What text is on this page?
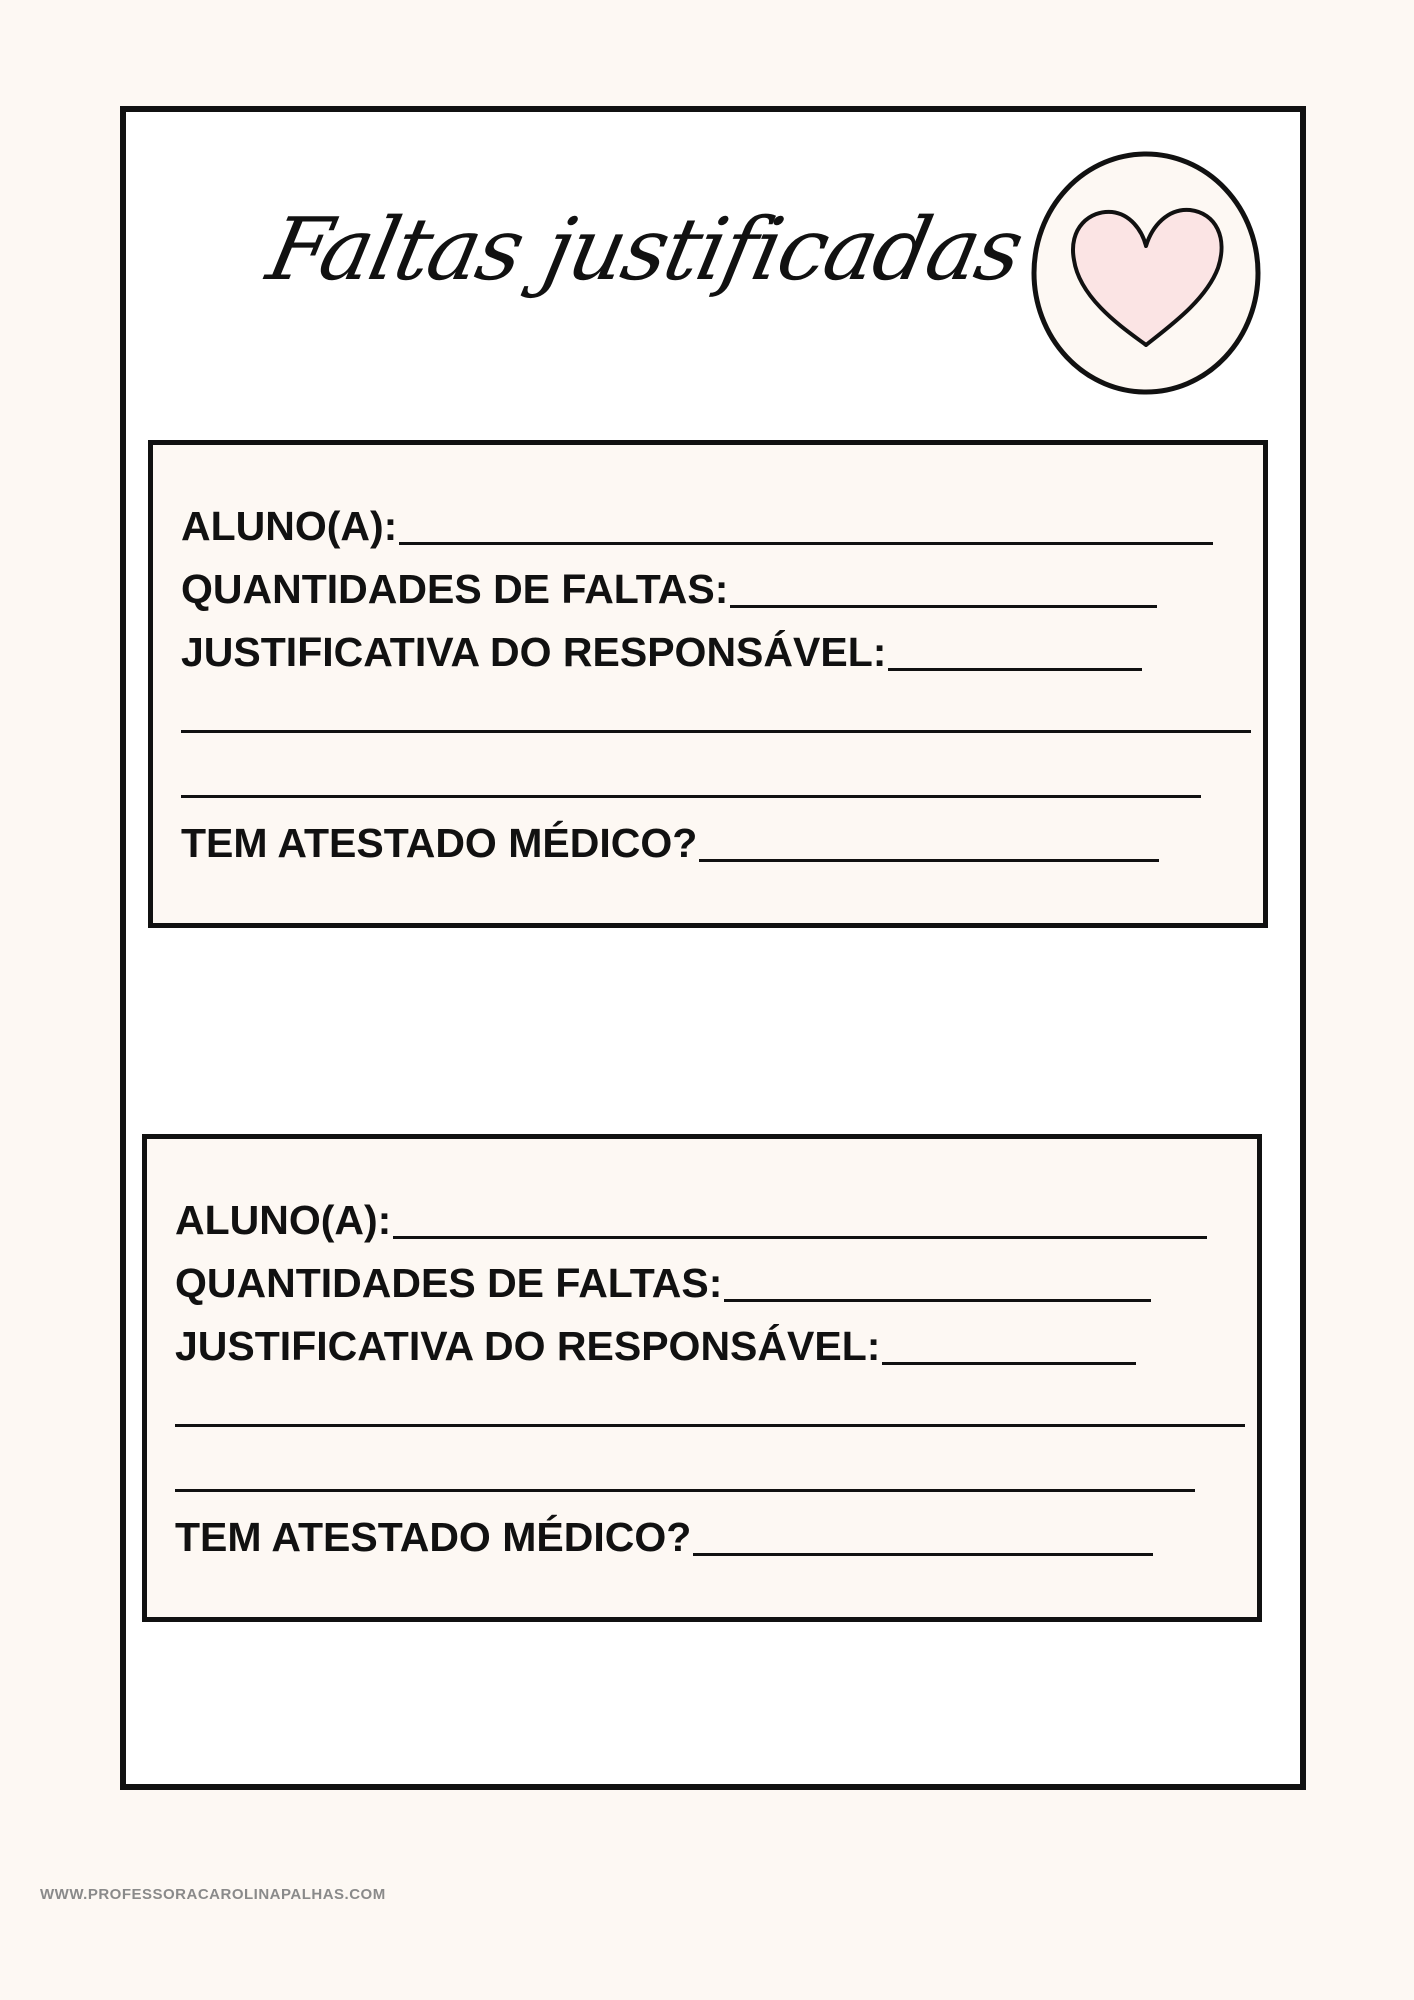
Faltas justificadas
ALUNO(A):
QUANTIDADES DE FALTAS:
JUSTIFICATIVA DO RESPONSÁVEL:
TEM ATESTADO MÉDICO?
ALUNO(A):
QUANTIDADES DE FALTAS:
JUSTIFICATIVA DO RESPONSÁVEL:
TEM ATESTADO MÉDICO?
WWW.PROFESSORACAROLINAPALHAS.COM
